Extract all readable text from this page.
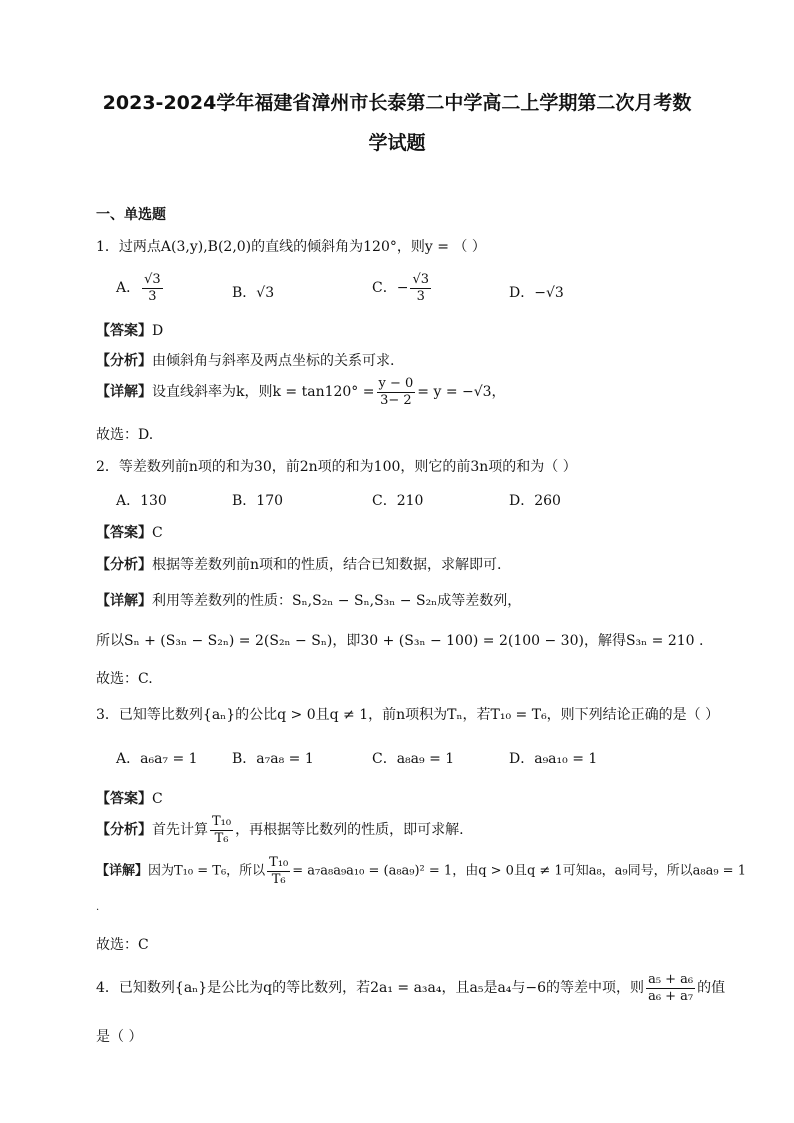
2023-2024学年福建省漳州市长泰第二中学高二上学期第二次月考数
学试题
一、单选题
1．过两点A(3,y),B(2,0)的直线的倾斜角为120°，则y = （ ）
A． $\frac{√3}{3}$	B．√3	C．− $\frac{√3}{3}$	D．−√3
【答案】D
【分析】由倾斜角与斜率及两点坐标的关系可求.
【详解】设直线斜率为k，则$k = \tan 120^\circ = \frac{y - 0}{3- 2} = y = -√3$，
故选：D.
2．等差数列前n项的和为30，前2n项的和为100，则它的前3n项的和为（ ）
A．130	B．170	C．210	D．260
【答案】C
【分析】根据等差数列前n项和的性质，结合已知数据，求解即可.
【详解】利用等差数列的性质：Sₙ,S₂ₙ − Sₙ,S₃ₙ − S₂ₙ成等差数列，
所以Sₙ + (S₃ₙ − S₂ₙ) = 2(S₂ₙ − Sₙ)，即30 + (S₃ₙ − 100) = 2(100 − 30)，解得S₃ₙ = 210 .
故选：C.
3．已知等比数列{aₙ}的公比q > 0且q ≠ 1，前n项积为Tₙ，若T₁₀ = T₆，则下列结论正确的是（ ）
A．a₆a₇ = 1 B．a₇a₈ = 1	C．a₈a₉ = 1	D．a₉a₁₀ = 1
【答案】C
【分析】首先计算 $\frac{\text{T₁₀}}{\text{T₆}}$ ，再根据等比数列的性质，即可求解.
【详解】因为T₁₀ = T₆，所以 $\frac{\text{T₁₀}}{\text{T₆}} = a_7a_8a_9a_{10} = (a_8a_9)^2 = 1$，由q > 0且q ≠ 1可知a₈，a₉同号，所以a₈a₉ = 1
.
故选：C
4．已知数列{aₙ}是公比为q的等比数列，若2a₁ = a₃a₄，且a₅是a₄与−6的等差中项，则 $\frac{\text{a₅ + a₆}}{\text{a₆ + a₇}}$ 的值
是（ ）
